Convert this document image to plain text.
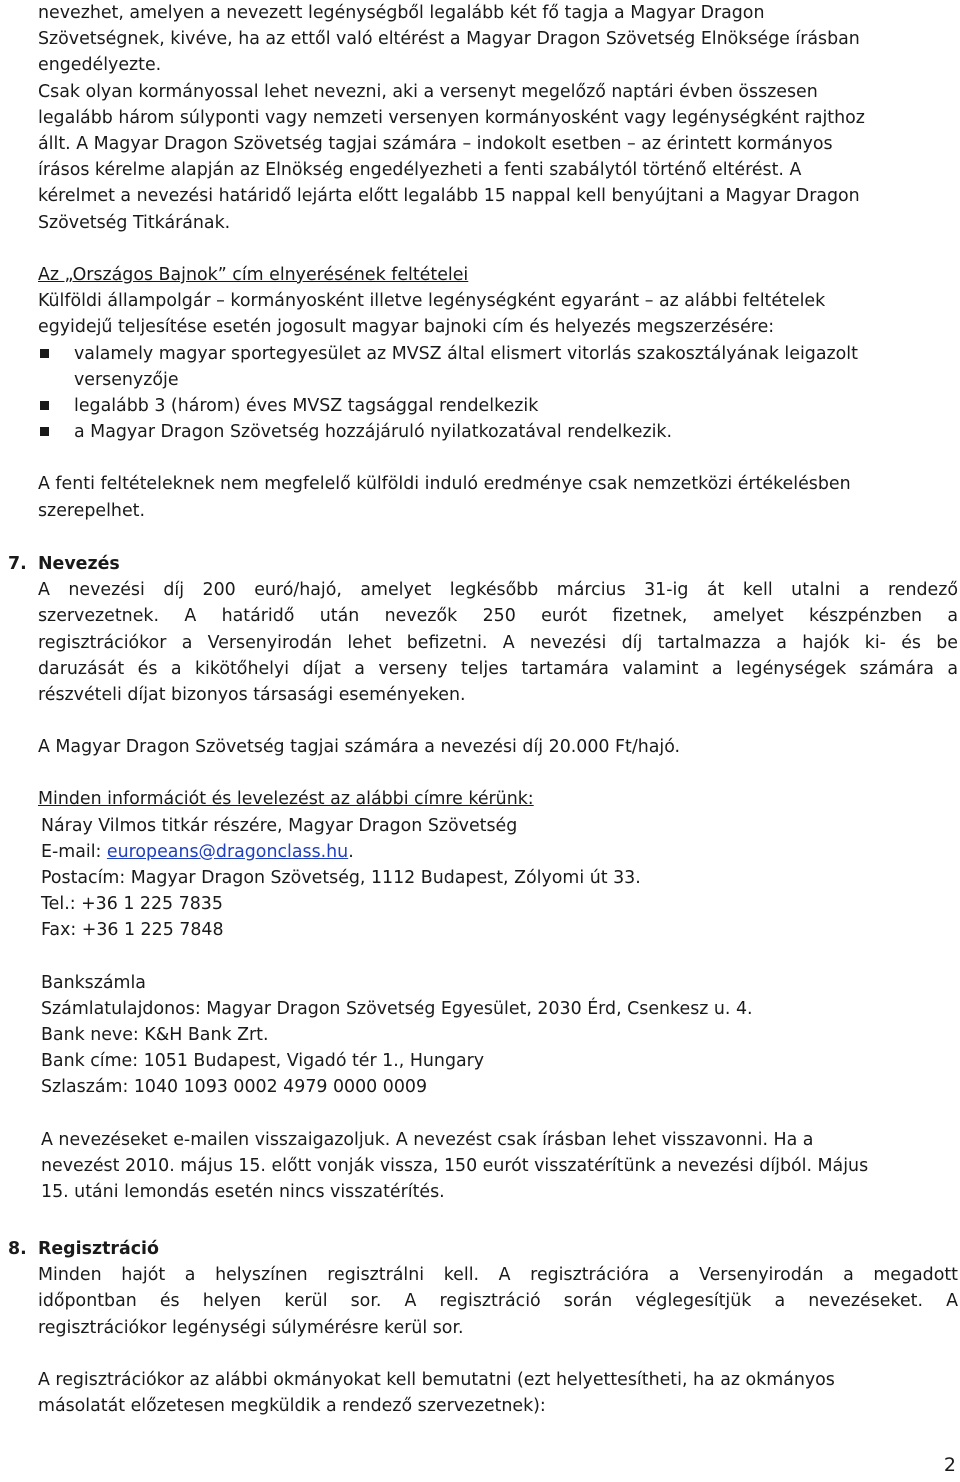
nevezhet, amelyen a nevezett legénységből legalább két fő tagja a Magyar Dragon

Szövetségnek, kivéve, ha az ettől való eltérést a Magyar Dragon Szövetség Elnöksége írásban

engedélyezte.

Csak olyan kormányossal lehet nevezni, aki a versenyt megelőző naptári évben összesen

legalább három súlyponti vagy nemzeti versenyen kormányosként vagy legénységként rajthoz

állt. A Magyar Dragon Szövetség tagjai számára – indokolt esetben – az érintett kormányos

írásos kérelme alapján az Elnökség engedélyezheti a fenti szabálytól történő eltérést. A

kérelmet a nevezési határidő lejárta előtt legalább 15 nappal kell benyújtani a Magyar Dragon

Szövetség Titkárának.

Az „Országos Bajnok” cím elnyerésének feltételei

Külföldi állampolgár – kormányosként illetve legénységként egyaránt – az alábbi feltételek

egyidejű teljesítése esetén jogosult magyar bajnoki cím és helyezés megszerzésére:

valamely magyar sportegyesület az MVSZ által elismert vitorlás szakosztályának leigazolt

versenyzője

legalább 3 (három) éves MVSZ tagsággal rendelkezik

a Magyar Dragon Szövetség hozzájáruló nyilatkozatával rendelkezik.

A fenti feltételeknek nem megfelelő külföldi induló eredménye csak nemzetközi értékelésben

szerepelhet.

7. Nevezés

A nevezési díj 200 euró/hajó, amelyet legkésőbb március 31-ig át kell utalni a rendező

szervezetnek. A határidő után nevezők 250 eurót fizetnek, amelyet készpénzben a

regisztrációkor a Versenyirodán lehet befizetni. A nevezési díj tartalmazza a hajók ki- és be

daruzását és a kikötőhelyi díjat a verseny teljes tartamára valamint a legénységek számára a

részvételi díjat bizonyos társasági eseményeken.

A Magyar Dragon Szövetség tagjai számára a nevezési díj 20.000 Ft/hajó.

Minden információt és levelezést az alábbi címre kérünk:

Náray Vilmos titkár részére, Magyar Dragon Szövetség

E-mail: europeans@dragonclass.hu.

Postacím: Magyar Dragon Szövetség, 1112 Budapest, Zólyomi út 33.

Tel.: +36 1 225 7835

Fax: +36 1 225 7848

Bankszámla

Számlatulajdonos: Magyar Dragon Szövetség Egyesület, 2030 Érd, Csenkesz u. 4.

Bank neve: K&H Bank Zrt.

Bank címe: 1051 Budapest, Vigadó tér 1., Hungary

Szlaszám: 1040 1093 0002 4979 0000 0009

A nevezéseket e-mailen visszaigazoljuk. A nevezést csak írásban lehet visszavonni. Ha a

nevezést 2010. május 15. előtt vonják vissza, 150 eurót visszatérítünk a nevezési díjból. Május

15. utáni lemondás esetén nincs visszatérítés.

8. Regisztráció

Minden hajót a helyszínen regisztrálni kell. A regisztrációra a Versenyirodán a megadott

időpontban és helyen kerül sor. A regisztráció során véglegesítjük a nevezéseket. A

regisztrációkor legénységi súlymérésre kerül sor.

A regisztrációkor az alábbi okmányokat kell bemutatni (ezt helyettesítheti, ha az okmányos

másolatát előzetesen megküldik a rendező szervezetnek):

2
